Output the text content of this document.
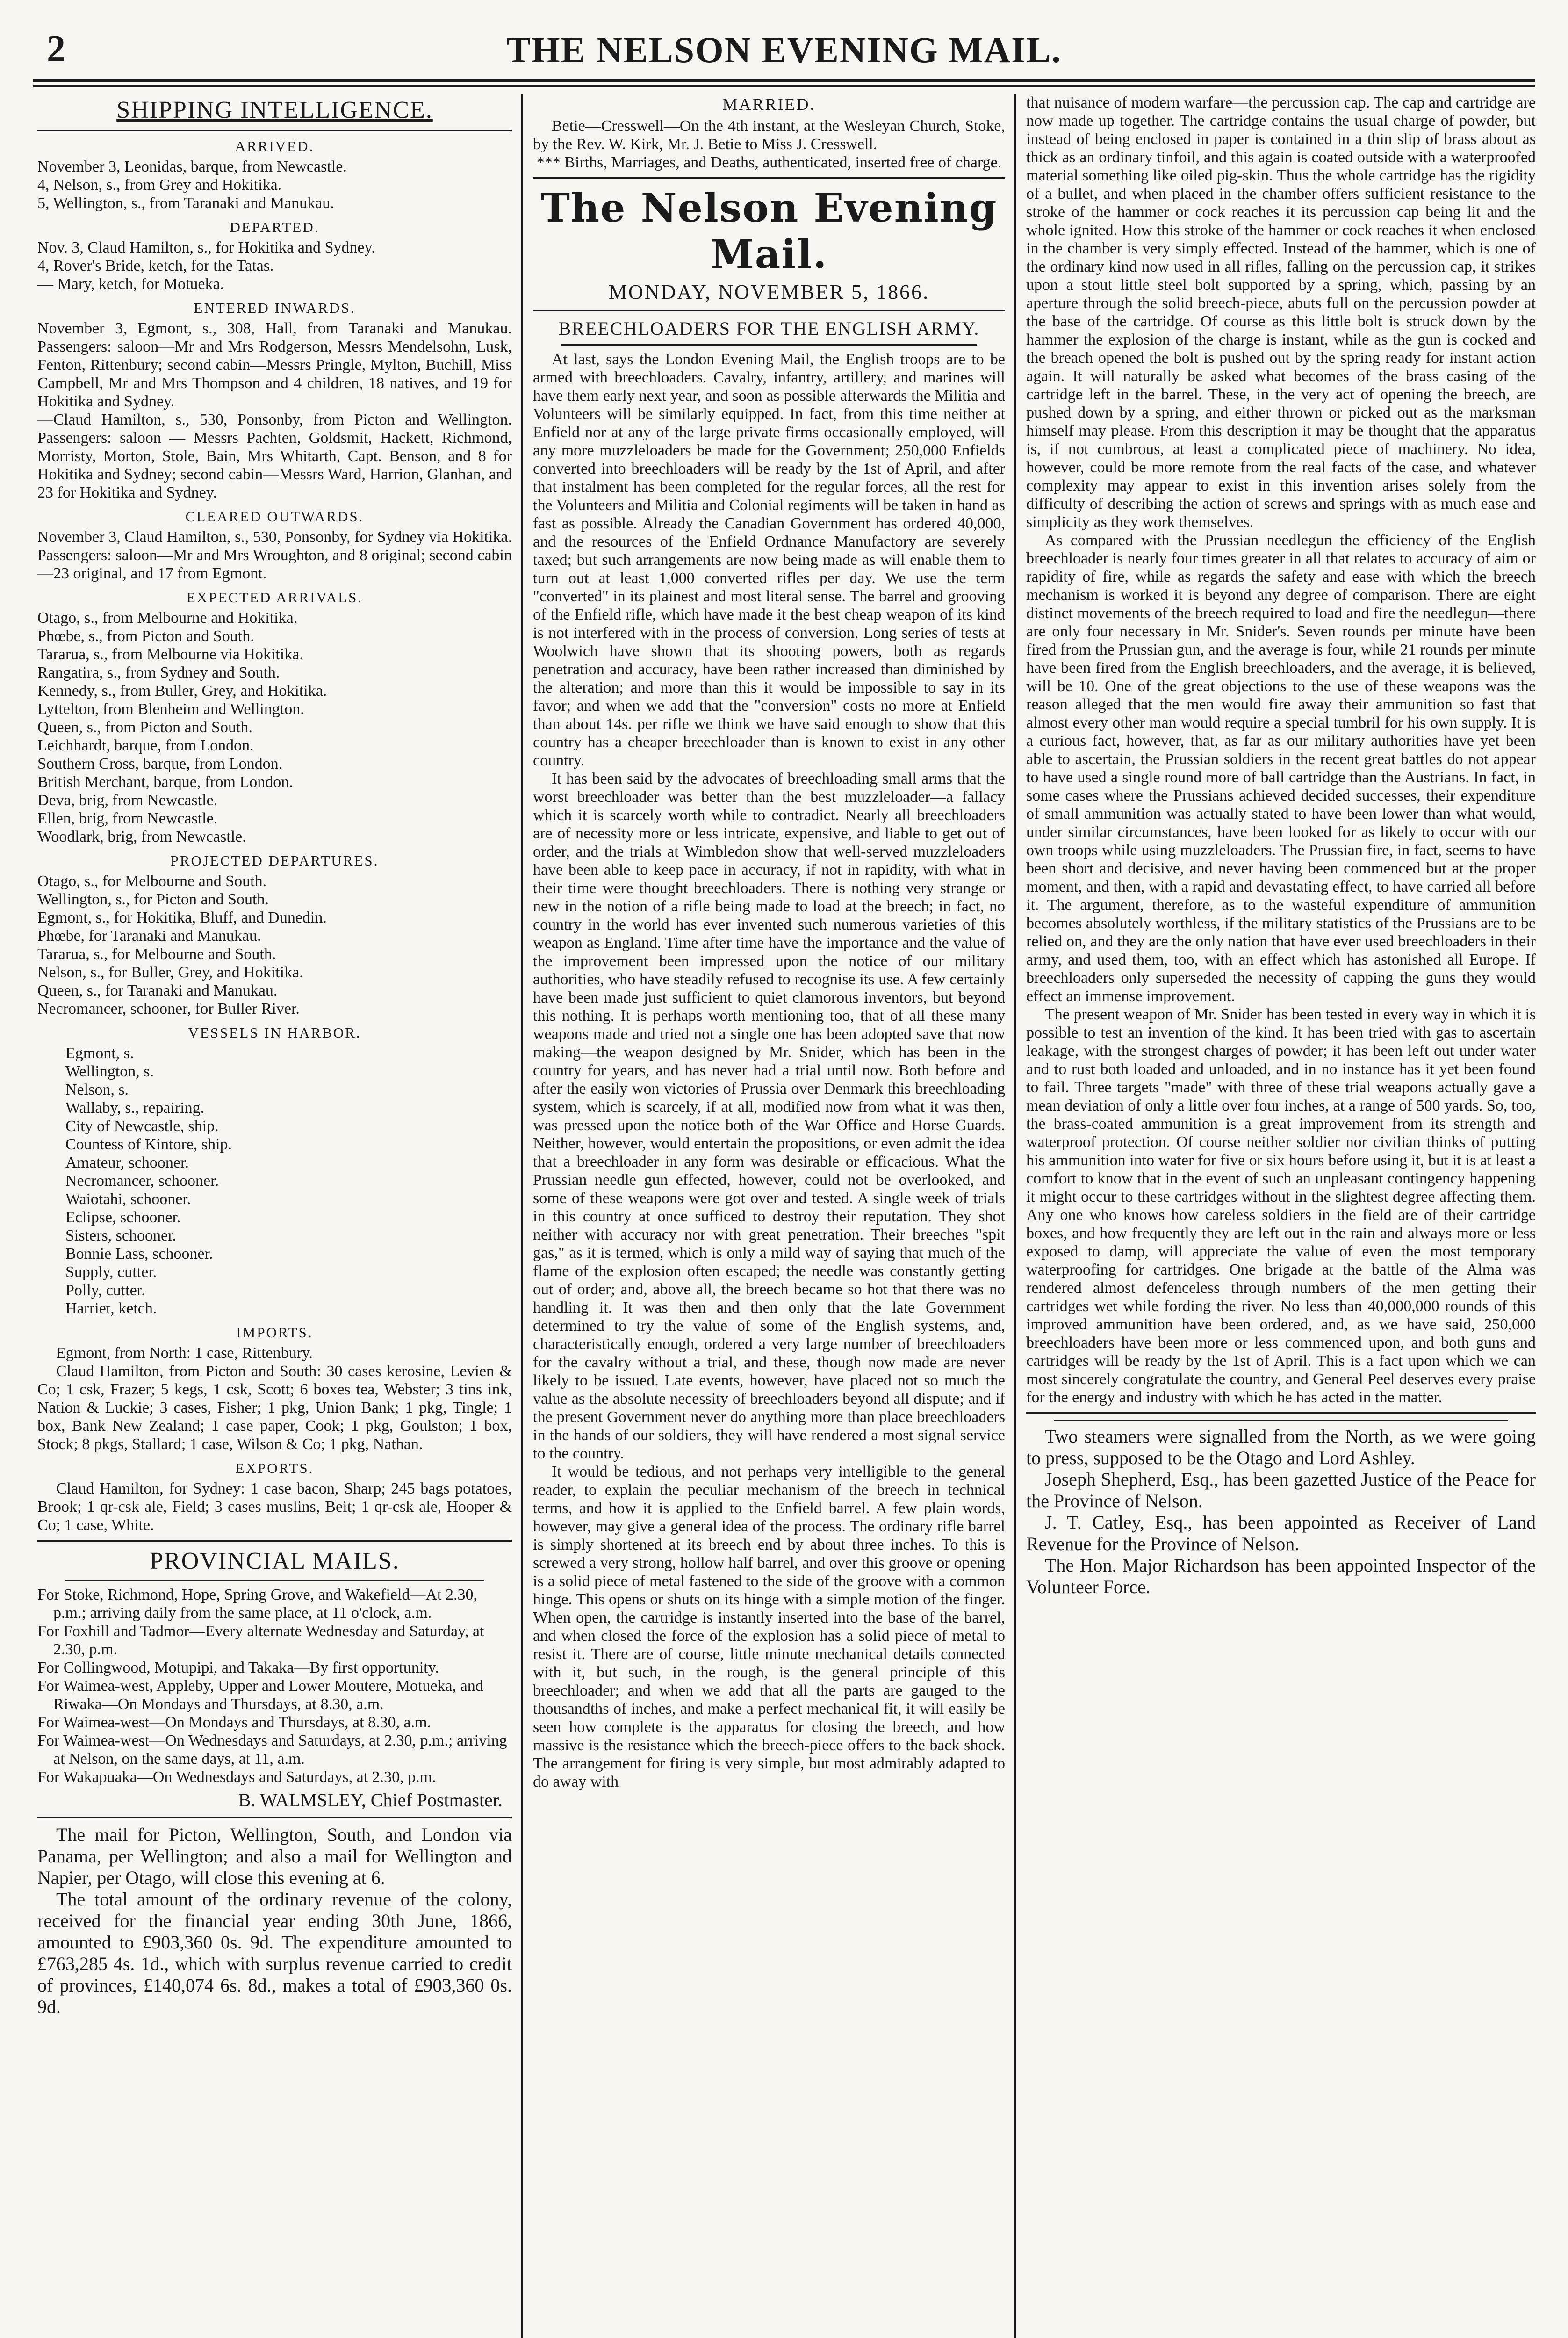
2	THE NELSON EVENING MAIL.
SHIPPING INTELLIGENCE.
ARRIVED.

November 3, Leonidas, barque, from Newcastle.

4, Nelson, s., from Grey and Hokitika.

5, Wellington, s., from Taranaki and Manukau.

DEPARTED.

Nov. 3, Claud Hamilton, s., for Hokitika and Sydney.

4, Rover's Bride, ketch, for the Tatas.

— Mary, ketch, for Motueka.

ENTERED INWARDS.

November 3, Egmont, s., 308, Hall, from Taranaki and Manukau. Passengers: saloon—Mr and Mrs Rodgerson, Messrs Mendelsohn, Lusk, Fenton, Rittenbury; second cabin—Messrs Pringle, Mylton, Buchill, Miss Campbell, Mr and Mrs Thompson and 4 children, 18 natives, and 19 for Hokitika and Sydney.

—Claud Hamilton, s., 530, Ponsonby, from Picton and Wellington. Passengers: saloon — Messrs Pachten, Goldsmit, Hackett, Richmond, Morristy, Morton, Stole, Bain, Mrs Whitarth, Capt. Benson, and 8 for Hokitika and Sydney; second cabin—Messrs Ward, Harrion, Glanhan, and 23 for Hokitika and Sydney.

CLEARED OUTWARDS.

November 3, Claud Hamilton, s., 530, Ponsonby, for Sydney via Hokitika. Passengers: saloon—Mr and Mrs Wroughton, and 8 original; second cabin—23 original, and 17 from Egmont.

EXPECTED ARRIVALS.

Otago, s., from Melbourne and Hokitika.

Phœbe, s., from Picton and South.

Tararua, s., from Melbourne via Hokitika.

Rangatira, s., from Sydney and South.

Kennedy, s., from Buller, Grey, and Hokitika.

Lyttelton, from Blenheim and Wellington.

Queen, s., from Picton and South.

Leichhardt, barque, from London.

Southern Cross, barque, from London.

British Merchant, barque, from London.

Deva, brig, from Newcastle.

Ellen, brig, from Newcastle.

Woodlark, brig, from Newcastle.

PROJECTED DEPARTURES.

Otago, s., for Melbourne and South.

Wellington, s., for Picton and South.

Egmont, s., for Hokitika, Bluff, and Dunedin.

Phœbe, for Taranaki and Manukau.

Tararua, s., for Melbourne and South.

Nelson, s., for Buller, Grey, and Hokitika.

Queen, s., for Taranaki and Manukau.

Necromancer, schooner, for Buller River.

VESSELS IN HARBOR.

Egmont, s.

Wellington, s.

Nelson, s.

Wallaby, s., repairing.

City of Newcastle, ship.

Countess of Kintore, ship.

Amateur, schooner.

Necromancer, schooner.

Waiotahi, schooner.

Eclipse, schooner.

Sisters, schooner.

Bonnie Lass, schooner.

Supply, cutter.

Polly, cutter.

Harriet, ketch.

IMPORTS.

Egmont, from North: 1 case, Rittenbury.

Claud Hamilton, from Picton and South: 30 cases kerosine, Levien & Co; 1 csk, Frazer; 5 kegs, 1 csk, Scott; 6 boxes tea, Webster; 3 tins ink, Nation & Luckie; 3 cases, Fisher; 1 pkg, Union Bank; 1 pkg, Tingle; 1 box, Bank New Zealand; 1 case paper, Cook; 1 pkg, Goulston; 1 box, Stock; 8 pkgs, Stallard; 1 case, Wilson & Co; 1 pkg, Nathan.

EXPORTS.

Claud Hamilton, for Sydney: 1 case bacon, Sharp; 245 bags potatoes, Brook; 1 qr-csk ale, Field; 3 cases muslins, Beit; 1 qr-csk ale, Hooper & Co; 1 case, White.

PROVINCIAL MAILS.

For Stoke, Richmond, Hope, Spring Grove, and Wakefield—At 2.30, p.m.; arriving daily from the same place, at 11 o'clock, a.m.

For Foxhill and Tadmor—Every alternate Wednesday and Saturday, at 2.30, p.m.

For Collingwood, Motupipi, and Takaka—By first opportunity.

For Waimea-west, Appleby, Upper and Lower Moutere, Motueka, and Riwaka—On Mondays and Thursdays, at 8.30, a.m.

For Waimea-west—On Mondays and Thursdays, at 8.30, a.m.

For Waimea-west—On Wednesdays and Saturdays, at 2.30, p.m.; arriving at Nelson, on the same days, at 11, a.m.

For Wakapuaka—On Wednesdays and Saturdays, at 2.30, p.m.

B. WALMSLEY, Chief Postmaster.

The mail for Picton, Wellington, South, and London via Panama, per Wellington; and also a mail for Wellington and Napier, per Otago, will close this evening at 6.

The total amount of the ordinary revenue of the colony, received for the financial year ending 30th June, 1866, amounted to £903,360 0s. 9d. The expenditure amounted to £763,285 4s. 1d., which with surplus revenue carried to credit of provinces, £140,074 6s. 8d., makes a total of £903,360 0s. 9d.

MARRIED.

Betie—Cresswell—On the 4th instant, at the Wesleyan Church, Stoke, by the Rev. W. Kirk, Mr. J. Betie to Miss J. Cresswell.

*** Births, Marriages, and Deaths, authenticated, inserted free of charge.

The Nelson Evening Mail.
MONDAY, NOVEMBER 5, 1866.
BREECHLOADERS FOR THE ENGLISH ARMY.

At last, says the London Evening Mail, the English troops are to be armed with breechloaders. Cavalry, infantry, artillery, and marines will have them early next year, and soon as possible afterwards the Militia and Volunteers will be similarly equipped. In fact, from this time neither at Enfield nor at any of the large private firms occasionally employed, will any more muzzleloaders be made for the Government; 250,000 Enfields converted into breechloaders will be ready by the 1st of April, and after that instalment has been completed for the regular forces, all the rest for the Volunteers and Militia and Colonial regiments will be taken in hand as fast as possible. Already the Canadian Government has ordered 40,000, and the resources of the Enfield Ordnance Manufactory are severely taxed; but such arrangements are now being made as will enable them to turn out at least 1,000 converted rifles per day. We use the term "converted" in its plainest and most literal sense. The barrel and grooving of the Enfield rifle, which have made it the best cheap weapon of its kind is not interfered with in the process of conversion. Long series of tests at Woolwich have shown that its shooting powers, both as regards penetration and accuracy, have been rather increased than diminished by the alteration; and more than this it would be impossible to say in its favor; and when we add that the "conversion" costs no more at Enfield than about 14s. per rifle we think we have said enough to show that this country has a cheaper breechloader than is known to exist in any other country.

It has been said by the advocates of breechloading small arms that the worst breechloader was better than the best muzzleloader—a fallacy which it is scarcely worth while to contradict. Nearly all breechloaders are of necessity more or less intricate, expensive, and liable to get out of order, and the trials at Wimbledon show that well-served muzzleloaders have been able to keep pace in accuracy, if not in rapidity, with what in their time were thought breechloaders. There is nothing very strange or new in the notion of a rifle being made to load at the breech; in fact, no country in the world has ever invented such numerous varieties of this weapon as England. Time after time have the importance and the value of the improvement been impressed upon the notice of our military authorities, who have steadily refused to recognise its use. A few certainly have been made just sufficient to quiet clamorous inventors, but beyond this nothing. It is perhaps worth mentioning too, that of all these many weapons made and tried not a single one has been adopted save that now making—the weapon designed by Mr. Snider, which has been in the country for years, and has never had a trial until now. Both before and after the easily won victories of Prussia over Denmark this breechloading system, which is scarcely, if at all, modified now from what it was then, was pressed upon the notice both of the War Office and Horse Guards. Neither, however, would entertain the propositions, or even admit the idea that a breechloader in any form was desirable or efficacious. What the Prussian needle gun effected, however, could not be overlooked, and some of these weapons were got over and tested. A single week of trials in this country at once sufficed to destroy their reputation. They shot neither with accuracy nor with great penetration. Their breeches "spit gas," as it is termed, which is only a mild way of saying that much of the flame of the explosion often escaped; the needle was constantly getting out of order; and, above all, the breech became so hot that there was no handling it. It was then and then only that the late Government determined to try the value of some of the English systems, and, characteristically enough, ordered a very large number of breechloaders for the cavalry without a trial, and these, though now made are never likely to be issued. Late events, however, have placed not so much the value as the absolute necessity of breechloaders beyond all dispute; and if the present Government never do anything more than place breechloaders in the hands of our soldiers, they will have rendered a most signal service to the country.

It would be tedious, and not perhaps very intelligible to the general reader, to explain the peculiar mechanism of the breech in technical terms, and how it is applied to the Enfield barrel. A few plain words, however, may give a general idea of the process. The ordinary rifle barrel is simply shortened at its breech end by about three inches. To this is screwed a very strong, hollow half barrel, and over this groove or opening is a solid piece of metal fastened to the side of the groove with a common hinge. This opens or shuts on its hinge with a simple motion of the finger. When open, the cartridge is instantly inserted into the base of the barrel, and when closed the force of the explosion has a solid piece of metal to resist it. There are of course, little minute mechanical details connected with it, but such, in the rough, is the general principle of this breechloader; and when we add that all the parts are gauged to the thousandths of inches, and make a perfect mechanical fit, it will easily be seen how complete is the apparatus for closing the breech, and how massive is the resistance which the breech-piece offers to the back shock. The arrangement for firing is very simple, but most admirably adapted to do away with

that nuisance of modern warfare—the percussion cap. The cap and cartridge are now made up together. The cartridge contains the usual charge of powder, but instead of being enclosed in paper is contained in a thin slip of brass about as thick as an ordinary tinfoil, and this again is coated outside with a waterproofed material something like oiled pig-skin. Thus the whole cartridge has the rigidity of a bullet, and when placed in the chamber offers sufficient resistance to the stroke of the hammer or cock reaches it its percussion cap being lit and the whole ignited. How this stroke of the hammer or cock reaches it when enclosed in the chamber is very simply effected. Instead of the hammer, which is one of the ordinary kind now used in all rifles, falling on the percussion cap, it strikes upon a stout little steel bolt supported by a spring, which, passing by an aperture through the solid breech-piece, abuts full on the percussion powder at the base of the cartridge. Of course as this little bolt is struck down by the hammer the explosion of the charge is instant, while as the gun is cocked and the breach opened the bolt is pushed out by the spring ready for instant action again. It will naturally be asked what becomes of the brass casing of the cartridge left in the barrel. These, in the very act of opening the breech, are pushed down by a spring, and either thrown or picked out as the marksman himself may please. From this description it may be thought that the apparatus is, if not cumbrous, at least a complicated piece of machinery. No idea, however, could be more remote from the real facts of the case, and whatever complexity may appear to exist in this invention arises solely from the difficulty of describing the action of screws and springs with as much ease and simplicity as they work themselves.

As compared with the Prussian needlegun the efficiency of the English breechloader is nearly four times greater in all that relates to accuracy of aim or rapidity of fire, while as regards the safety and ease with which the breech mechanism is worked it is beyond any degree of comparison. There are eight distinct movements of the breech required to load and fire the needlegun—there are only four necessary in Mr. Snider's. Seven rounds per minute have been fired from the Prussian gun, and the average is four, while 21 rounds per minute have been fired from the English breechloaders, and the average, it is believed, will be 10. One of the great objections to the use of these weapons was the reason alleged that the men would fire away their ammunition so fast that almost every other man would require a special tumbril for his own supply. It is a curious fact, however, that, as far as our military authorities have yet been able to ascertain, the Prussian soldiers in the recent great battles do not appear to have used a single round more of ball cartridge than the Austrians. In fact, in some cases where the Prussians achieved decided successes, their expenditure of small ammunition was actually stated to have been lower than what would, under similar circumstances, have been looked for as likely to occur with our own troops while using muzzleloaders. The Prussian fire, in fact, seems to have been short and decisive, and never having been commenced but at the proper moment, and then, with a rapid and devastating effect, to have carried all before it. The argument, therefore, as to the wasteful expenditure of ammunition becomes absolutely worthless, if the military statistics of the Prussians are to be relied on, and they are the only nation that have ever used breechloaders in their army, and used them, too, with an effect which has astonished all Europe. If breechloaders only superseded the necessity of capping the guns they would effect an immense improvement.

The present weapon of Mr. Snider has been tested in every way in which it is possible to test an invention of the kind. It has been tried with gas to ascertain leakage, with the strongest charges of powder; it has been left out under water and to rust both loaded and unloaded, and in no instance has it yet been found to fail. Three targets "made" with three of these trial weapons actually gave a mean deviation of only a little over four inches, at a range of 500 yards. So, too, the brass-coated ammunition is a great improvement from its strength and waterproof protection. Of course neither soldier nor civilian thinks of putting his ammunition into water for five or six hours before using it, but it is at least a comfort to know that in the event of such an unpleasant contingency happening it might occur to these cartridges without in the slightest degree affecting them. Any one who knows how careless soldiers in the field are of their cartridge boxes, and how frequently they are left out in the rain and always more or less exposed to damp, will appreciate the value of even the most temporary waterproofing for cartridges. One brigade at the battle of the Alma was rendered almost defenceless through numbers of the men getting their cartridges wet while fording the river. No less than 40,000,000 rounds of this improved ammunition have been ordered, and, as we have said, 250,000 breechloaders have been more or less commenced upon, and both guns and cartridges will be ready by the 1st of April. This is a fact upon which we can most sincerely congratulate the country, and General Peel deserves every praise for the energy and industry with which he has acted in the matter.

Two steamers were signalled from the North, as we were going to press, supposed to be the Otago and Lord Ashley.

Joseph Shepherd, Esq., has been gazetted Justice of the Peace for the Province of Nelson.

J. T. Catley, Esq., has been appointed as Receiver of Land Revenue for the Province of Nelson.

The Hon. Major Richardson has been appointed Inspector of the Volunteer Force.
